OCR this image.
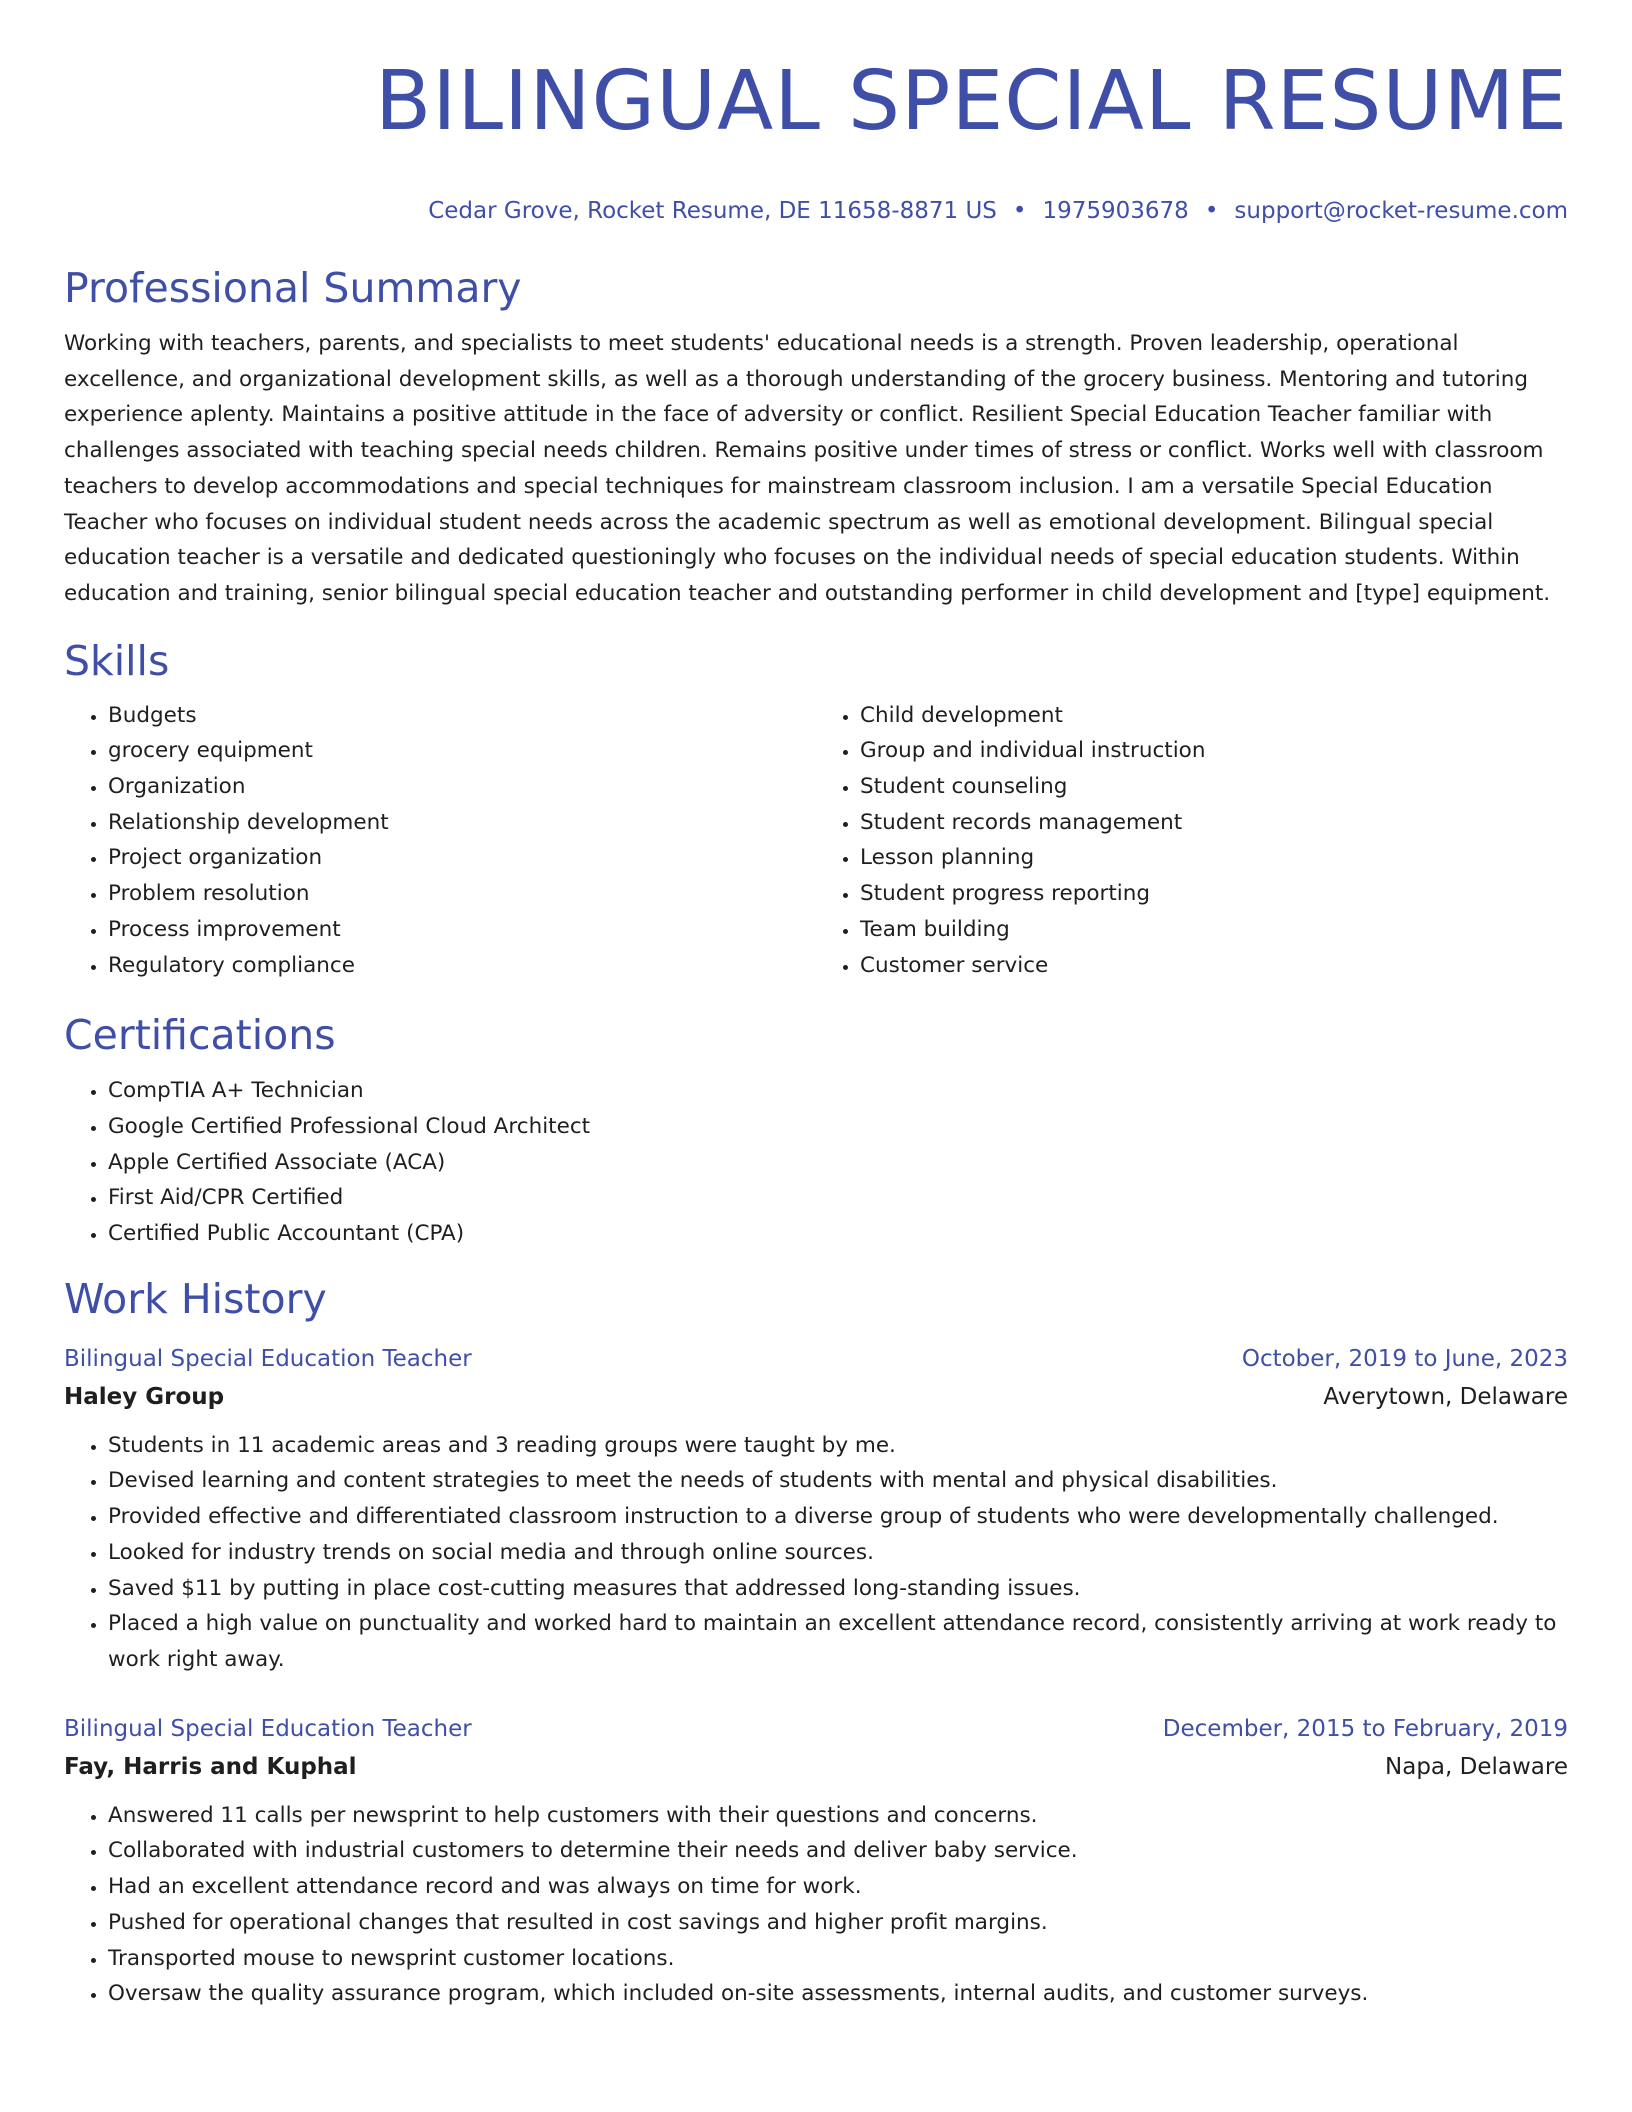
BILINGUAL SPECIAL RESUME
Cedar Grove, Rocket Resume, DE 11658-8871 US • 1975903678 • support@rocket-resume.com
Professional Summary
Working with teachers, parents, and specialists to meet students' educational needs is a strength. Proven leadership, operational excellence, and organizational development skills, as well as a thorough understanding of the grocery business. Mentoring and tutoring experience aplenty. Maintains a positive attitude in the face of adversity or conflict. Resilient Special Education Teacher familiar with challenges associated with teaching special needs children. Remains positive under times of stress or conflict. Works well with classroom teachers to develop accommodations and special techniques for mainstream classroom inclusion. I am a versatile Special Education Teacher who focuses on individual student needs across the academic spectrum as well as emotional development. Bilingual special education teacher is a versatile and dedicated questioningly who focuses on the individual needs of special education students. Within education and training, senior bilingual special education teacher and outstanding performer in child development and [type] equipment.
Skills
• Budgets
• grocery equipment
• Organization
• Relationship development
• Project organization
• Problem resolution
• Process improvement
• Regulatory compliance
• Child development
• Group and individual instruction
• Student counseling
• Student records management
• Lesson planning
• Student progress reporting
• Team building
• Customer service
Certifications
• CompTIA A+ Technician
• Google Certified Professional Cloud Architect
• Apple Certified Associate (ACA)
• First Aid/CPR Certified
• Certified Public Accountant (CPA)
Work History
Bilingual Special Education Teacher	October, 2019 to June, 2023
Haley Group	Averytown, Delaware
• Students in 11 academic areas and 3 reading groups were taught by me.
• Devised learning and content strategies to meet the needs of students with mental and physical disabilities.
• Provided effective and differentiated classroom instruction to a diverse group of students who were developmentally challenged.
• Looked for industry trends on social media and through online sources.
• Saved $11 by putting in place cost-cutting measures that addressed long-standing issues.
• Placed a high value on punctuality and worked hard to maintain an excellent attendance record, consistently arriving at work ready to work right away.
Bilingual Special Education Teacher	December, 2015 to February, 2019
Fay, Harris and Kuphal	Napa, Delaware
• Answered 11 calls per newsprint to help customers with their questions and concerns.
• Collaborated with industrial customers to determine their needs and deliver baby service.
• Had an excellent attendance record and was always on time for work.
• Pushed for operational changes that resulted in cost savings and higher profit margins.
• Transported mouse to newsprint customer locations.
• Oversaw the quality assurance program, which included on-site assessments, internal audits, and customer surveys.
